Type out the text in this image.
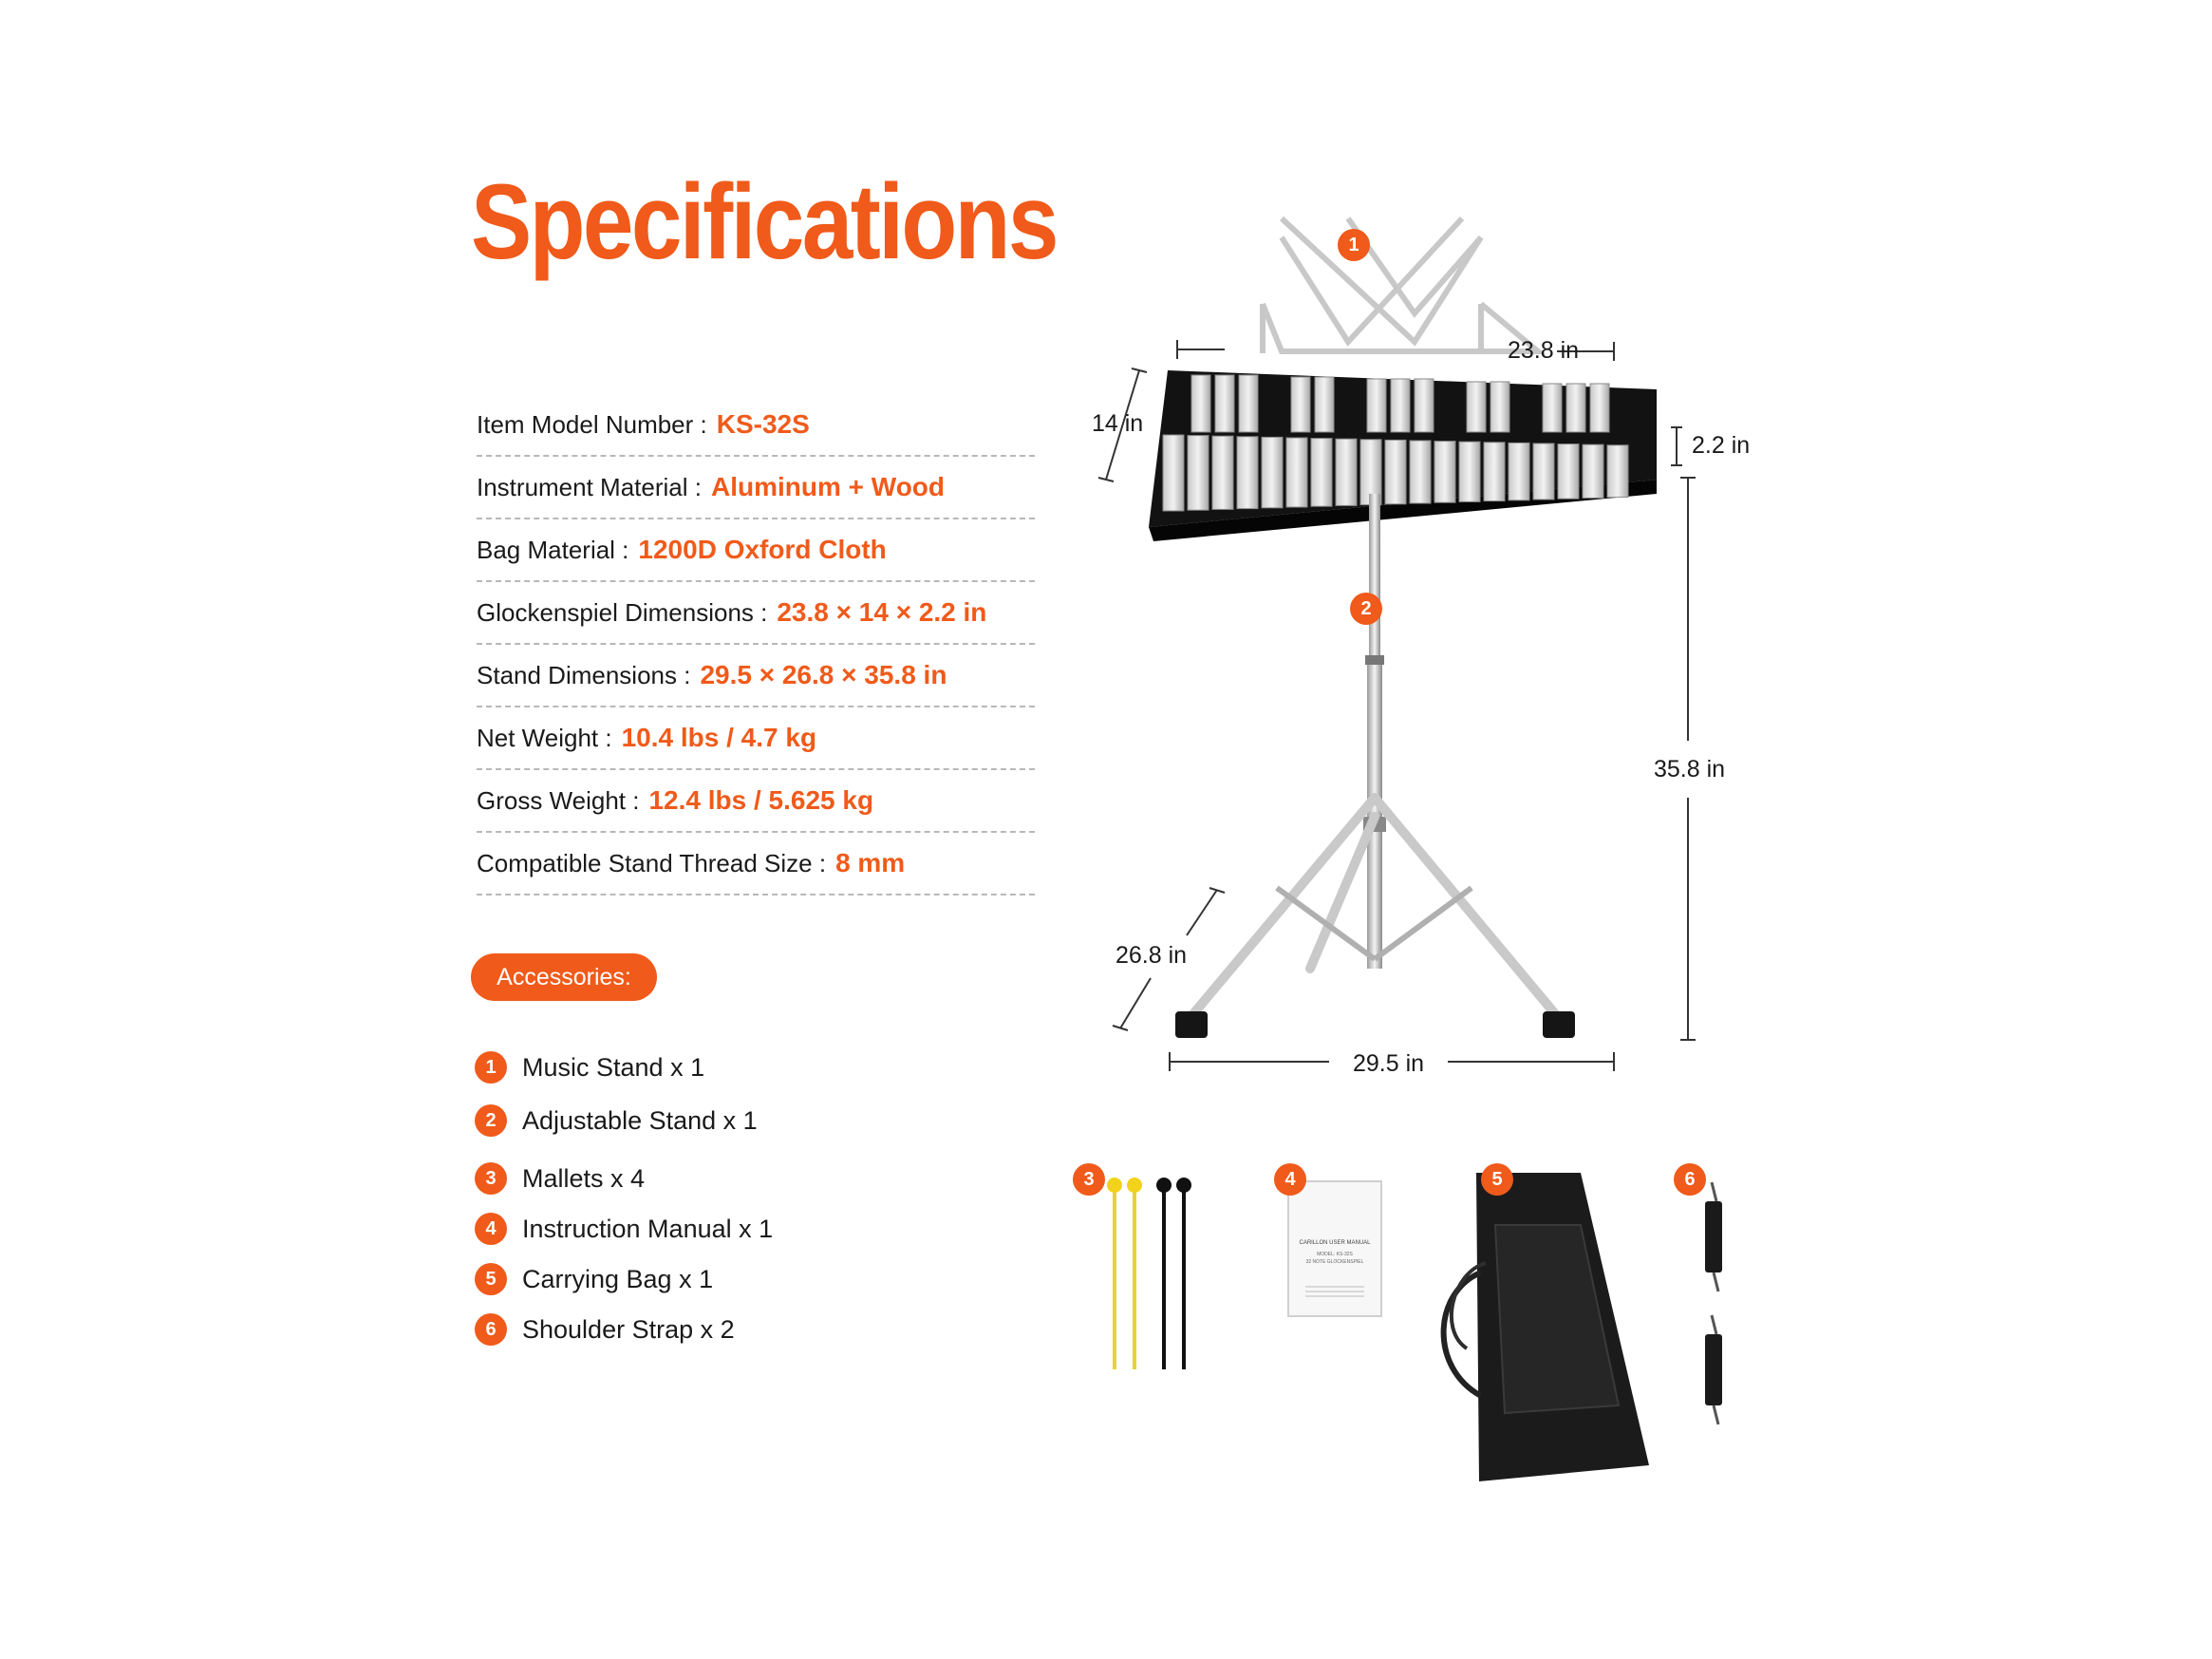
Specifications
Item Model Number : KS-32S
Instrument Material : Aluminum + Wood
Bag Material : 1200D Oxford Cloth
Glockenspiel Dimensions : 23.8 × 14 × 2.2 in
Stand Dimensions : 29.5 × 26.8 × 35.8 in
Net Weight : 10.4 lbs / 4.7 kg
Gross Weight : 12.4 lbs / 5.625 kg
Compatible Stand Thread Size : 8 mm
Accessories:
1	Music Stand x 1
2	Adjustable Stand x 1
3	Mallets x 4
4	Instruction Manual x 1
5	Carrying Bag x 1
6	Shoulder Strap x 2
CARILLON USER MANUAL
MODEL: KS-32S
32 NOTE GLOCKENSPIEL
1
2
3	4	5	6
23.8 in
14 in
2.2 in
35.8 in
26.8 in
29.5 in
